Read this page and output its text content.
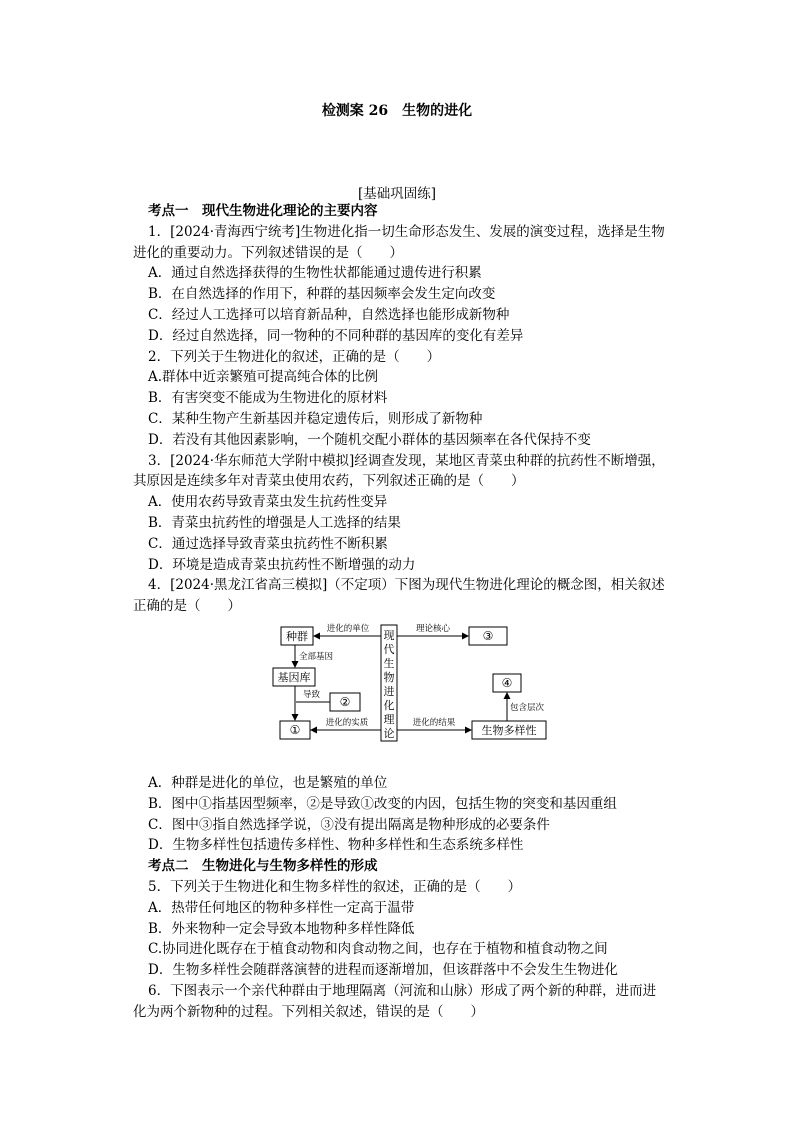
检测案 26　生物的进化
[基础巩固练]

考点一　现代生物进化理论的主要内容

1．[2024·青海西宁统考]生物进化指一切生命形态发生、发展的演变过程，选择是生物

进化的重要动力。下列叙述错误的是（　　）

A．通过自然选择获得的生物性状都能通过遗传进行积累

B．在自然选择的作用下，种群的基因频率会发生定向改变

C．经过人工选择可以培育新品种，自然选择也能形成新物种

D．经过自然选择，同一物种的不同种群的基因库的变化有差异

2．下列关于生物进化的叙述，正确的是（　　）

A.群体中近亲繁殖可提高纯合体的比例

B．有害突变不能成为生物进化的原材料

C．某种生物产生新基因并稳定遗传后，则形成了新物种

D．若没有其他因素影响，一个随机交配小群体的基因频率在各代保持不变

3．[2024·华东师范大学附中模拟]经调查发现，某地区青菜虫种群的抗药性不断增强，

其原因是连续多年对青菜虫使用农药，下列叙述正确的是（　　）

A．使用农药导致青菜虫发生抗药性变异

B．青菜虫抗药性的增强是人工选择的结果

C．通过选择导致青菜虫抗药性不断积累

D．环境是造成青菜虫抗药性不断增强的动力

4．[2024·黑龙江省高三模拟]（不定项）下图为现代生物进化理论的概念图，相关叙述

正确的是（　　）

种群
基因库
②
①
现
代
生
物
进
化
理
论
③
④
生物多样性
进化的单位	理论核心
全部基因
导致
进化的实质	进化的结果
包含层次

A．种群是进化的单位，也是繁殖的单位

B．图中①指基因型频率，②是导致①改变的内因，包括生物的突变和基因重组

C．图中③指自然选择学说，③没有提出隔离是物种形成的必要条件

D．生物多样性包括遗传多样性、物种多样性和生态系统多样性

考点二　生物进化与生物多样性的形成

5．下列关于生物进化和生物多样性的叙述，正确的是（　　）

A．热带任何地区的物种多样性一定高于温带

B．外来物种一定会导致本地物种多样性降低

C.协同进化既存在于植食动物和肉食动物之间，也存在于植物和植食动物之间

D．生物多样性会随群落演替的进程而逐渐增加，但该群落中不会发生生物进化

6．下图表示一个亲代种群由于地理隔离（河流和山脉）形成了两个新的种群，进而进

化为两个新物种的过程。下列相关叙述，错误的是（　　）
